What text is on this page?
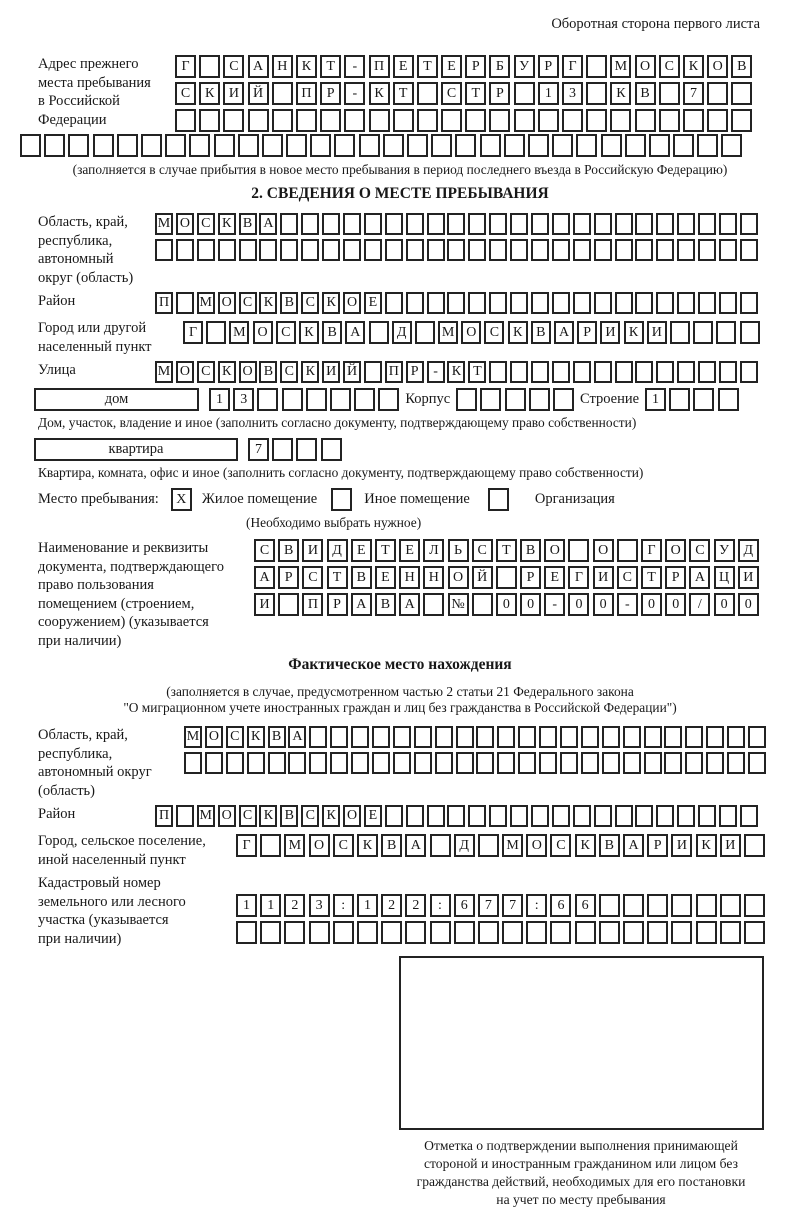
Оборотная сторона первого листа
Адрес прежнего
места пребывания
в Российской
Федерации
Г	С	А	Н	К	Т	-	П	Е	Т	Е	Р	Б	У	Р	Г	М О	С	К	О	В
С	К	И	Й	П	Р	-	К	Т	С	Т	Р	1	3	К	В	7
(заполняется в случае прибытия в новое место пребывания в период последнего въезда в Российскую Федерацию)
2. СВЕДЕНИЯ О МЕСТЕ ПРЕБЫВАНИЯ
Область, край,
республика,
автономный
округ (область)
М О С К В А
Район	П М О С К В С К О Е
Город или другой
населенный пункт
Г	М О С К В А	Д	М О С К В А	Р	И К И
Улица	М О С К О В С К И Й П Р	- К Т
дом	1	3	Корпус	Строение 1
Дом, участок, владение и иное (заполнить согласно документу, подтверждающему право собственности)
квартира	7
Квартира, комната, офис и иное (заполнить согласно документу, подтверждающему право собственности)
Место пребывания:	X	Жилое помещение	Иное помещение	Организация
(Необходимо выбрать нужное)
Наименование и реквизиты
документа, подтверждающего
право пользования
помещением (строением,
сооружением) (указывается
при наличии)
С	В	И	Д	Е	Т	Е	Л	Ь	С	Т	В	О	О	Г	О	С	У	Д
А	Р	С	Т	В	Е	Н	Н	О	Й	Р	Е	Г	И	С	Т	Р	А	Ц	И
И	П	Р	А	В	А	№	0	0	-	0	0	-	0	0	/	0	0
Фактическое место нахождения
(заполняется в случае, предусмотренном частью 2 статьи 21 Федерального закона
"О миграционном учете иностранных граждан и лиц без гражданства в Российской Федерации")
Область, край,
республика,
автономный округ
(область)
М О С К В А
Район	П М О С К В С К О Е
Город, сельское поселение,
иной населенный пункт
Г	М О	С	К	В	А	Д	М О	С	К	В	А	Р	И	К	И
Кадастровый номер
земельного или лесного
участка (указывается
при наличии)
1	1	2	3	:	1	2	2	:	6	7	7	:	6	6
Отметка о подтверждении выполнения принимающей
стороной и иностранным гражданином или лицом без
гражданства действий, необходимых для его постановки
на учет по месту пребывания
